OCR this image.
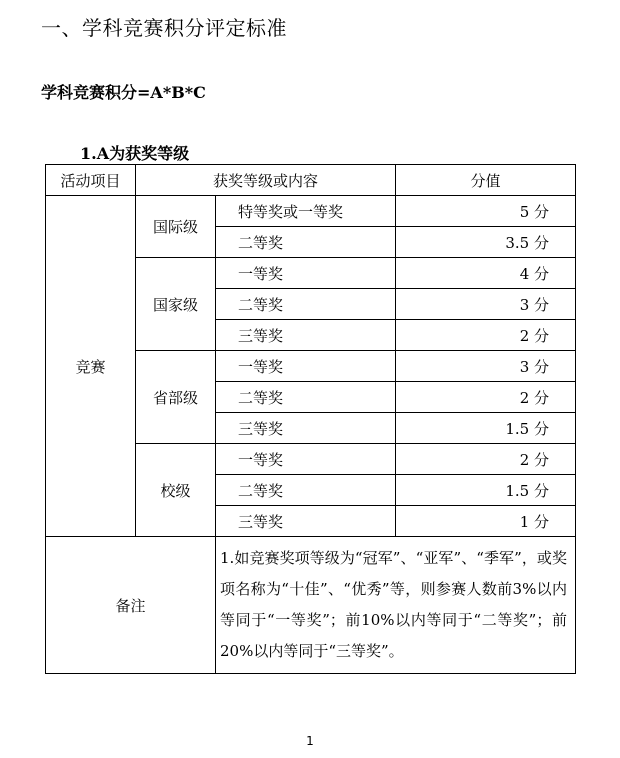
一、学科竞赛积分评定标准
学科竞赛积分=A*B*C
1.A为获奖等级
活动项目	获奖等级或内容		分值
竞赛	国际级	特等奖或一等奖	5 分
		二等奖	3.5 分
	国家级	一等奖	4 分
		二等奖	3 分
		三等奖	2 分
	省部级	一等奖	3 分
		二等奖	2 分
		三等奖	1.5 分
	校级	一等奖	2 分
		二等奖	1.5 分
		三等奖	1 分
备注		1.如竞赛奖项等级为“冠军”、“亚军”、“季军”，或奖项名称为“十佳”、“优秀”等，则参赛人数前3%以内等同于“一等奖”；前10%以内等同于“二等奖”；前20%以内等同于“三等奖”。	
1
